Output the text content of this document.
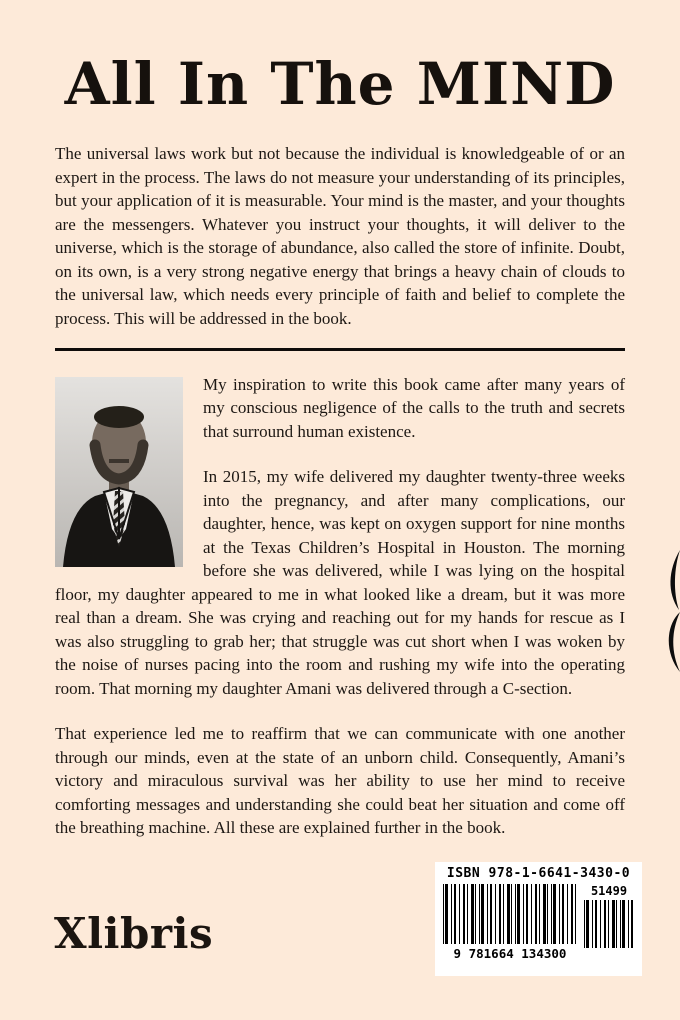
All In The MIND

The universal laws work but not because the individual is knowledgeable of or an expert in the process. The laws do not measure your understanding of its principles, but your application of it is measurable. Your mind is the master, and your thoughts are the messengers. Whatever you instruct your thoughts, it will deliver to the universe, which is the storage of abundance, also called the store of infinite. Doubt, on its own, is a very strong negative energy that brings a heavy chain of clouds to the universal law, which needs every principle of faith and belief to complete the process. This will be addressed in the book.

My inspiration to write this book came after many years of my conscious negligence of the calls to the truth and secrets that surround human existence.

In 2015, my wife delivered my daughter twenty-three weeks into the pregnancy, and after many complications, our daughter, hence, was kept on oxygen support for nine months at the Texas Children’s Hospital in Houston. The morning before she was delivered, while I was lying on the hospital floor, my daughter appeared to me in what looked like a dream, but it was more real than a dream. She was crying and reaching out for my hands for rescue as I was also struggling to grab her; that struggle was cut short when I was woken by the noise of nurses pacing into the room and rushing my wife into the operating room. That morning my daughter Amani was delivered through a C-section.

That experience led me to reaffirm that we can communicate with one another through our minds, even at the state of an unborn child. Consequently, Amani’s victory and miraculous survival was her ability to use her mind to receive comforting messages and understanding she could beat her situation and come off the breathing machine. All these are explained further in the book.

Xlibris
ISBN 978-1-6641-3430-0
9 781664 134300
51499
